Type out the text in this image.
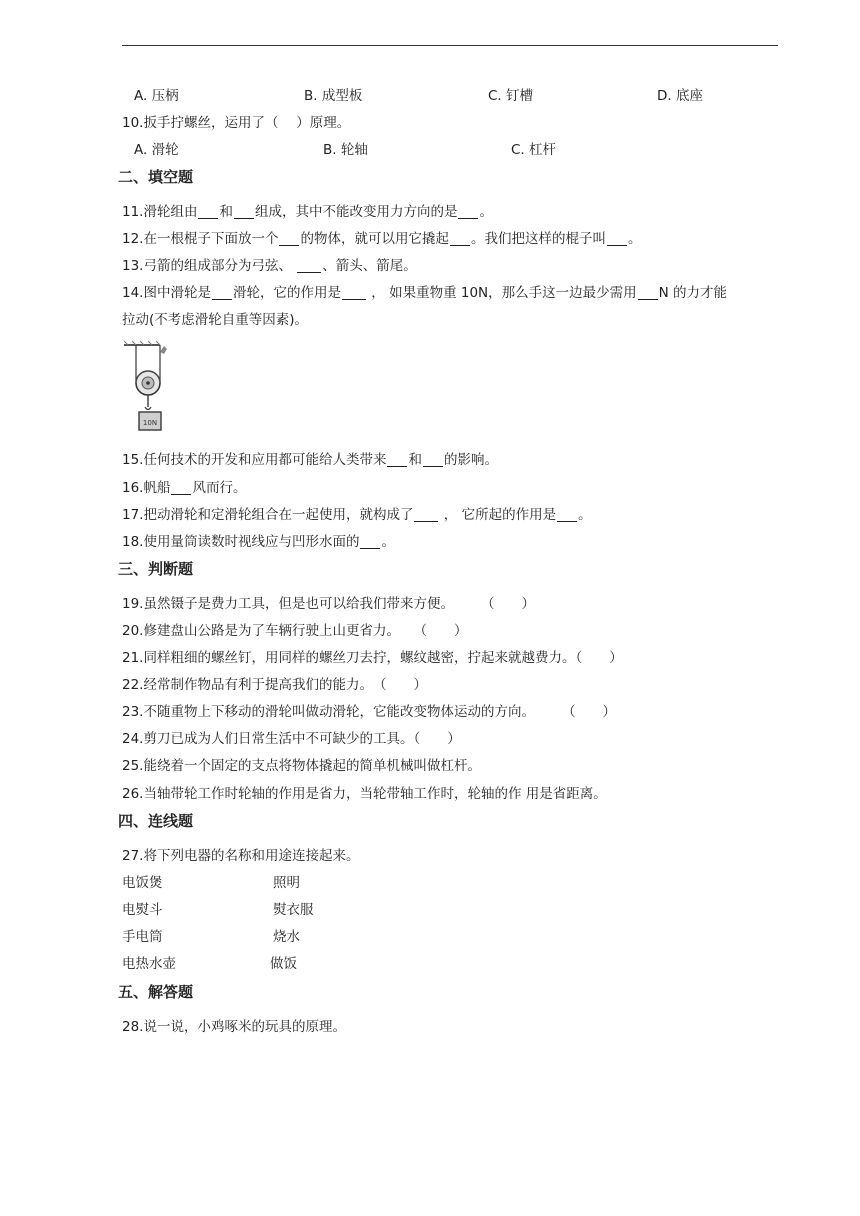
A. 压柄	B. 成型板	C. 钉槽	D. 底座
10.扳手拧螺丝，运用了（　 ）原理。
A. 滑轮	B. 轮轴	C. 杠杆
二、填空题
11.滑轮组由 和 组成，其中不能改变用力方向的是 。
12.在一根棍子下面放一个 的物体，就可以用它撬起 。我们把这样的棍子叫 。
13.弓箭的组成部分为弓弦、 、箭头、箭尾。
14.图中滑轮是 滑轮，它的作用是 ， 如果重物重 10N，那么手这一边最少需用 N 的力才能
拉动(不考虑滑轮自重等因素)。
10N
15.任何技术的开发和应用都可能给人类带来 和 的影响。
16.帆船 风而行。
17.把动滑轮和定滑轮组合在一起使用，就构成了 ， 它所起的作用是 。
18.使用量筒读数时视线应与凹形水面的 。
三、判断题
19.虽然镊子是费力工具，但是也可以给我们带来方便。　　　（　　）
20.修建盘山公路是为了车辆行驶上山更省力。　　（　　）
21.同样粗细的螺丝钉，用同样的螺丝刀去拧，螺纹越密，拧起来就越费力。（　　）
22.经常制作物品有利于提高我们的能力。　（　　）
23.不随重物上下移动的滑轮叫做动滑轮，它能改变物体运动的方向。　　　（　　）
24.剪刀已成为人们日常生活中不可缺少的工具。（　　）
25.能绕着一个固定的支点将物体撬起的简单机械叫做杠杆。
26.当轴带轮工作时轮轴的作用是省力，当轮带轴工作时，轮轴的作 用是省距离。
四、连线题
27.将下列电器的名称和用途连接起来。
电饭煲	照明
电熨斗	熨衣服
手电筒	烧水
电热水壶	做饭
五、解答题
28.说一说，小鸡啄米的玩具的原理。
